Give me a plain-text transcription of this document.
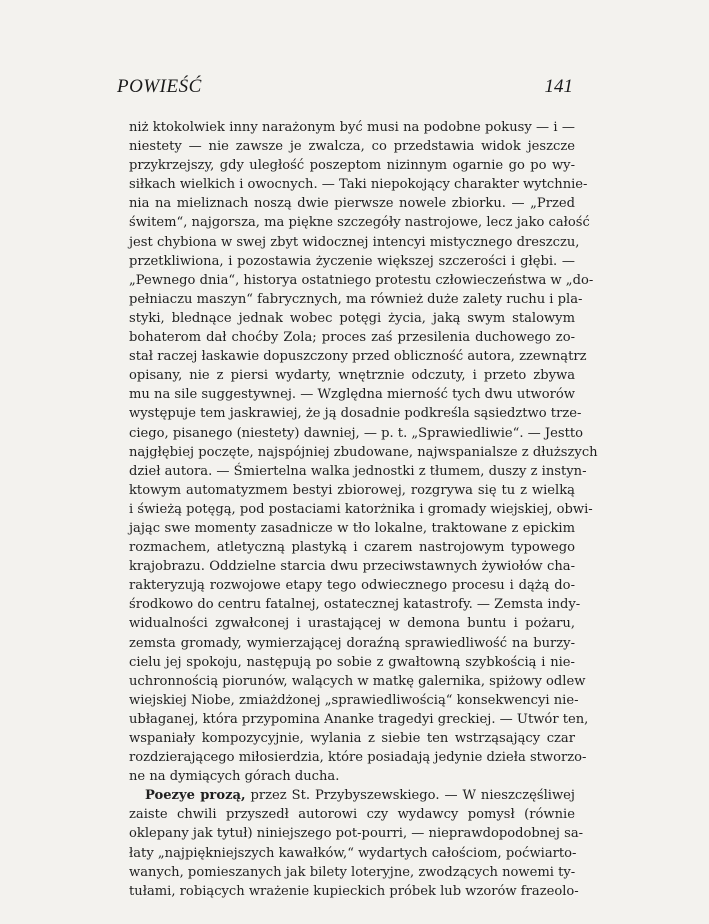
POWIEŚĆ	141
niż ktokolwiek inny narażonym być musi na podobne pokusy — i —
niestety — nie zawsze je zwalcza, co przedstawia widok jeszcze
przykrzejszy, gdy uległość poszeptom nizinnym ogarnie go po wy-
siłkach wielkich i owocnych. — Taki niepokojący charakter wytchnie-
nia na mieliznach noszą dwie pierwsze nowele zbiorku. — „Przed
świtem“, najgorsza, ma piękne szczegóły nastrojowe, lecz jako całość
jest chybiona w swej zbyt widocznej intencyi mistycznego dreszczu,
przetkliwiona, i pozostawia życzenie większej szczerości i głębi. —
„Pewnego dnia“, historya ostatniego protestu człowieczeństwa w „do-
pełniaczu maszyn“ fabrycznych, ma również duże zalety ruchu i pla-
styki, blednące jednak wobec potęgi życia, jaką swym stalowym
bohaterom dał choćby Zola; proces zaś przesilenia duchowego zo-
stał raczej łaskawie dopuszczony przed obliczność autora, zzewnątrz
opisany, nie z piersi wydarty, wnętrznie odczuty, i przeto zbywa
mu na sile suggestywnej. — Względna mierność tych dwu utworów
występuje tem jaskrawiej, że ją dosadnie podkreśla sąsiedztwo trze-
ciego, pisanego (niestety) dawniej, — p. t. „Sprawiedliwie“. — Jestto
najgłębiej poczęte, najspójniej zbudowane, najwspanialsze z dłuższych
dzieł autora. — Śmiertelna walka jednostki z tłumem, duszy z instyn-
ktowym automatyzmem bestyi zbiorowej, rozgrywa się tu z wielką
i świeżą potęgą, pod postaciami katorżnika i gromady wiejskiej, obwi-
jając swe momenty zasadnicze w tło lokalne, traktowane z epickim
rozmachem, atletyczną plastyką i czarem nastrojowym typowego
krajobrazu. Oddzielne starcia dwu przeciwstawnych żywiołów cha-
rakteryzują rozwojowe etapy tego odwiecznego procesu i dążą do-
środkowo do centru fatalnej, ostatecznej katastrofy. — Zemsta indy-
widualności zgwałconej i urastającej w demona buntu i pożaru,
zemsta gromady, wymierzającej doraźną sprawiedliwość na burzy-
cielu jej spokoju, następują po sobie z gwałtowną szybkością i nie-
uchronnością piorunów, walących w matkę galernika, spiżowy odlew
wiejskiej Niobe, zmiażdżonej „sprawiedliwością“ konsekwencyi nie-
ubłaganej, która przypomina Ananke tragedyi greckiej. — Utwór ten,
wspaniały kompozycyjnie, wylania z siebie ten wstrząsający czar
rozdzierającego miłosierdzia, które posiadają jedynie dzieła stworzo-
ne na dymiących górach ducha.
Poezye prozą, przez St. Przybyszewskiego. — W nieszczęśliwej
zaiste chwili przyszedł autorowi czy wydawcy pomysł (równie
oklepany jak tytuł) niniejszego pot-pourri, — nieprawdopodobnej sa-
łaty „najpiękniejszych kawałków,“ wydartych całościom, poćwiarto-
wanych, pomieszanych jak bilety loteryjne, zwodzących nowemi ty-
tułami, robiących wrażenie kupieckich próbek lub wzorów frazeolo-
